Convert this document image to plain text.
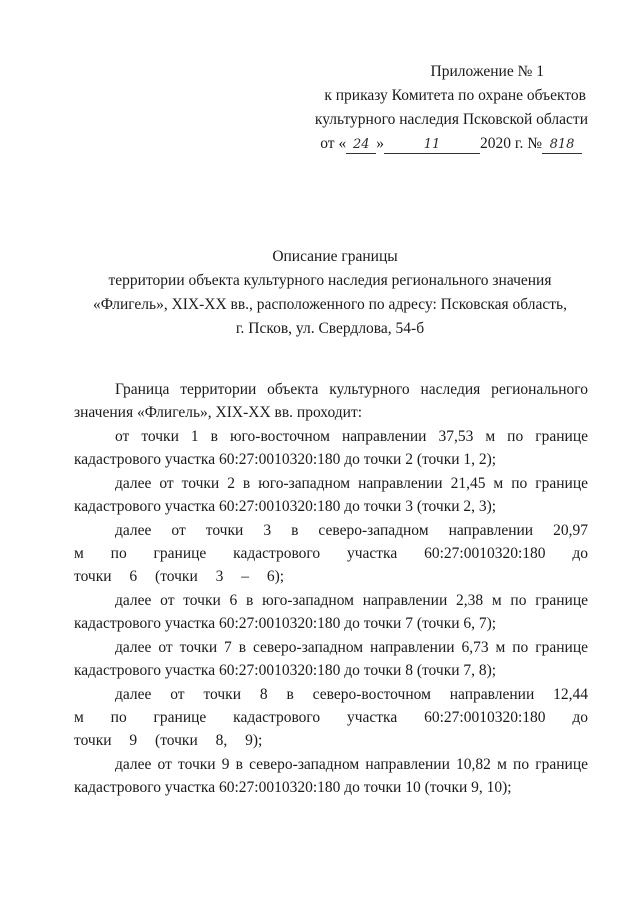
Приложение № 1
к приказу Комитета по охране объектов
культурного наследия Псковской области
от « 24 »	11	2020 г. № 818
Описание границы
территории объекта культурного наследия регионального значения
«Флигель», XIX-XX вв., расположенного по адресу: Псковская область,
г. Псков, ул. Свердлова, 54-б

Граница территории объекта культурного наследия регионального значения «Флигель», XIX-XX вв. проходит:

от точки 1 в юго-восточном направлении 37,53 м по границе кадастрового участка 60:27:0010320:180 до точки 2 (точки 1, 2);

далее от точки 2 в юго-западном направлении 21,45 м по границе кадастрового участка 60:27:0010320:180 до точки 3 (точки 2, 3);

далее от точки 3 в северо-западном направлении 20,97 м по границе кадастрового участка 60:27:0010320:180 до точки 6 (точки 3 – 6);

далее от точки 6 в юго-западном направлении 2,38 м по границе кадастрового участка 60:27:0010320:180 до точки 7 (точки 6, 7);

далее от точки 7 в северо-западном направлении 6,73 м по границе кадастрового участка 60:27:0010320:180 до точки 8 (точки 7, 8);

далее от точки 8 в северо-восточном направлении 12,44 м по границе кадастрового участка 60:27:0010320:180 до точки 9 (точки 8, 9);

далее от точки 9 в северо-западном направлении 10,82 м по границе кадастрового участка 60:27:0010320:180 до точки 10 (точки 9, 10);
